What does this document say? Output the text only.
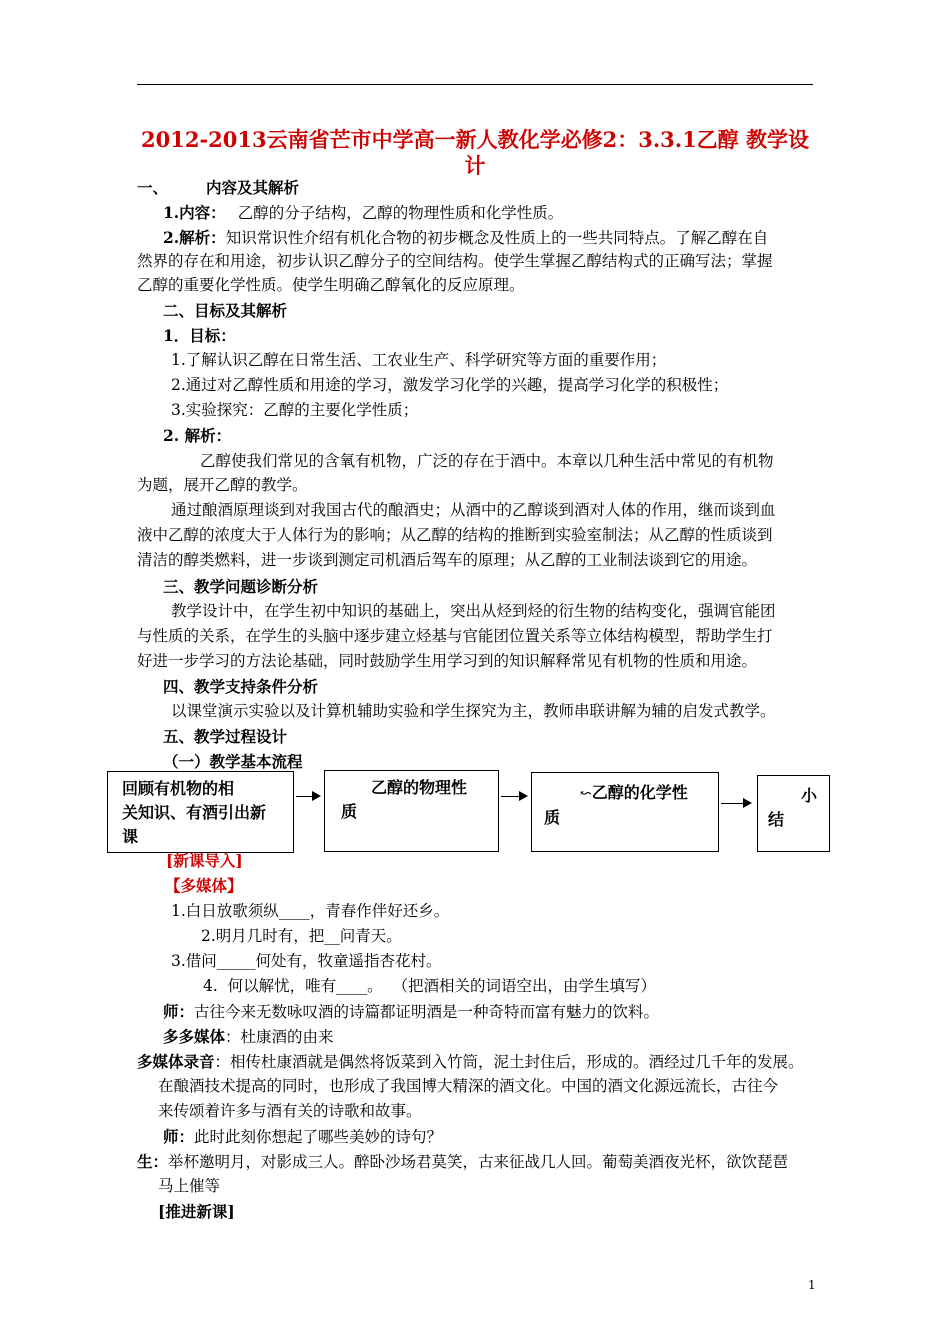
2012-2013云南省芒市中学高一新人教化学必修2：3.3.1乙醇 教学设
计
一、 内容及其解析
1.内容： 乙醇的分子结构，乙醇的物理性质和化学性质。
2.解析：知识常识性介绍有机化合物的初步概念及性质上的一些共同特点。了解乙醇在自
然界的存在和用途，初步认识乙醇分子的空间结构。使学生掌握乙醇结构式的正确写法；掌握
乙醇的重要化学性质。使学生明确乙醇氧化的反应原理。
二、目标及其解析
1．目标：
1.了解认识乙醇在日常生活、工农业生产、科学研究等方面的重要作用；
2.通过对乙醇性质和用途的学习，激发学习化学的兴趣，提高学习化学的积极性；
3.实验探究：乙醇的主要化学性质；
2. 解析：
乙醇使我们常见的含氧有机物，广泛的存在于酒中。本章以几种生活中常见的有机物
为题，展开乙醇的教学。
通过酿酒原理谈到对我国古代的酿酒史；从酒中的乙醇谈到酒对人体的作用，继而谈到血
液中乙醇的浓度大于人体行为的影响；从乙醇的结构的推断到实验室制法；从乙醇的性质谈到
清洁的醇类燃料，进一步谈到测定司机酒后驾车的原理；从乙醇的工业制法谈到它的用途。
三、教学问题诊断分析
教学设计中，在学生初中知识的基础上，突出从烃到烃的衍生物的结构变化，强调官能团
与性质的关系，在学生的头脑中逐步建立烃基与官能团位置关系等立体结构模型，帮助学生打
好进一步学习的方法论基础，同时鼓励学生用学习到的知识解释常见有机物的性质和用途。
四、教学支持条件分析
以课堂演示实验以及计算机辅助实验和学生探究为主，教师串联讲解为辅的启发式教学。
五、教学过程设计
（一）教学基本流程
回顾有机物的相
关知识、有酒引出新
课
乙醇的物理性
质
↜乙醇的化学性
质
小
结
[新课导入]
【多媒体】
1.白日放歌须纵____，青春作伴好还乡。
2.明月几时有，把__问青天。
3.借问_____何处有，牧童遥指杏花村。
4.  何以解忧，唯有____。  （把酒相关的词语空出，由学生填写）
师：古往今来无数咏叹酒的诗篇都证明酒是一种奇特而富有魅力的饮料。
多多媒体：杜康酒的由来
多媒体录音：相传杜康酒就是偶然将饭菜到入竹筒，泥土封住后，形成的。酒经过几千年的发展。
在酿酒技术提高的同时，也形成了我国博大精深的酒文化。中国的酒文化源远流长，古往今
来传颂着许多与酒有关的诗歌和故事。
师：此时此刻你想起了哪些美妙的诗句？
生：举杯邀明月，对影成三人。醉卧沙场君莫笑，古来征战几人回。葡萄美酒夜光杯，欲饮琵琶
马上催等
[推进新课]
1
